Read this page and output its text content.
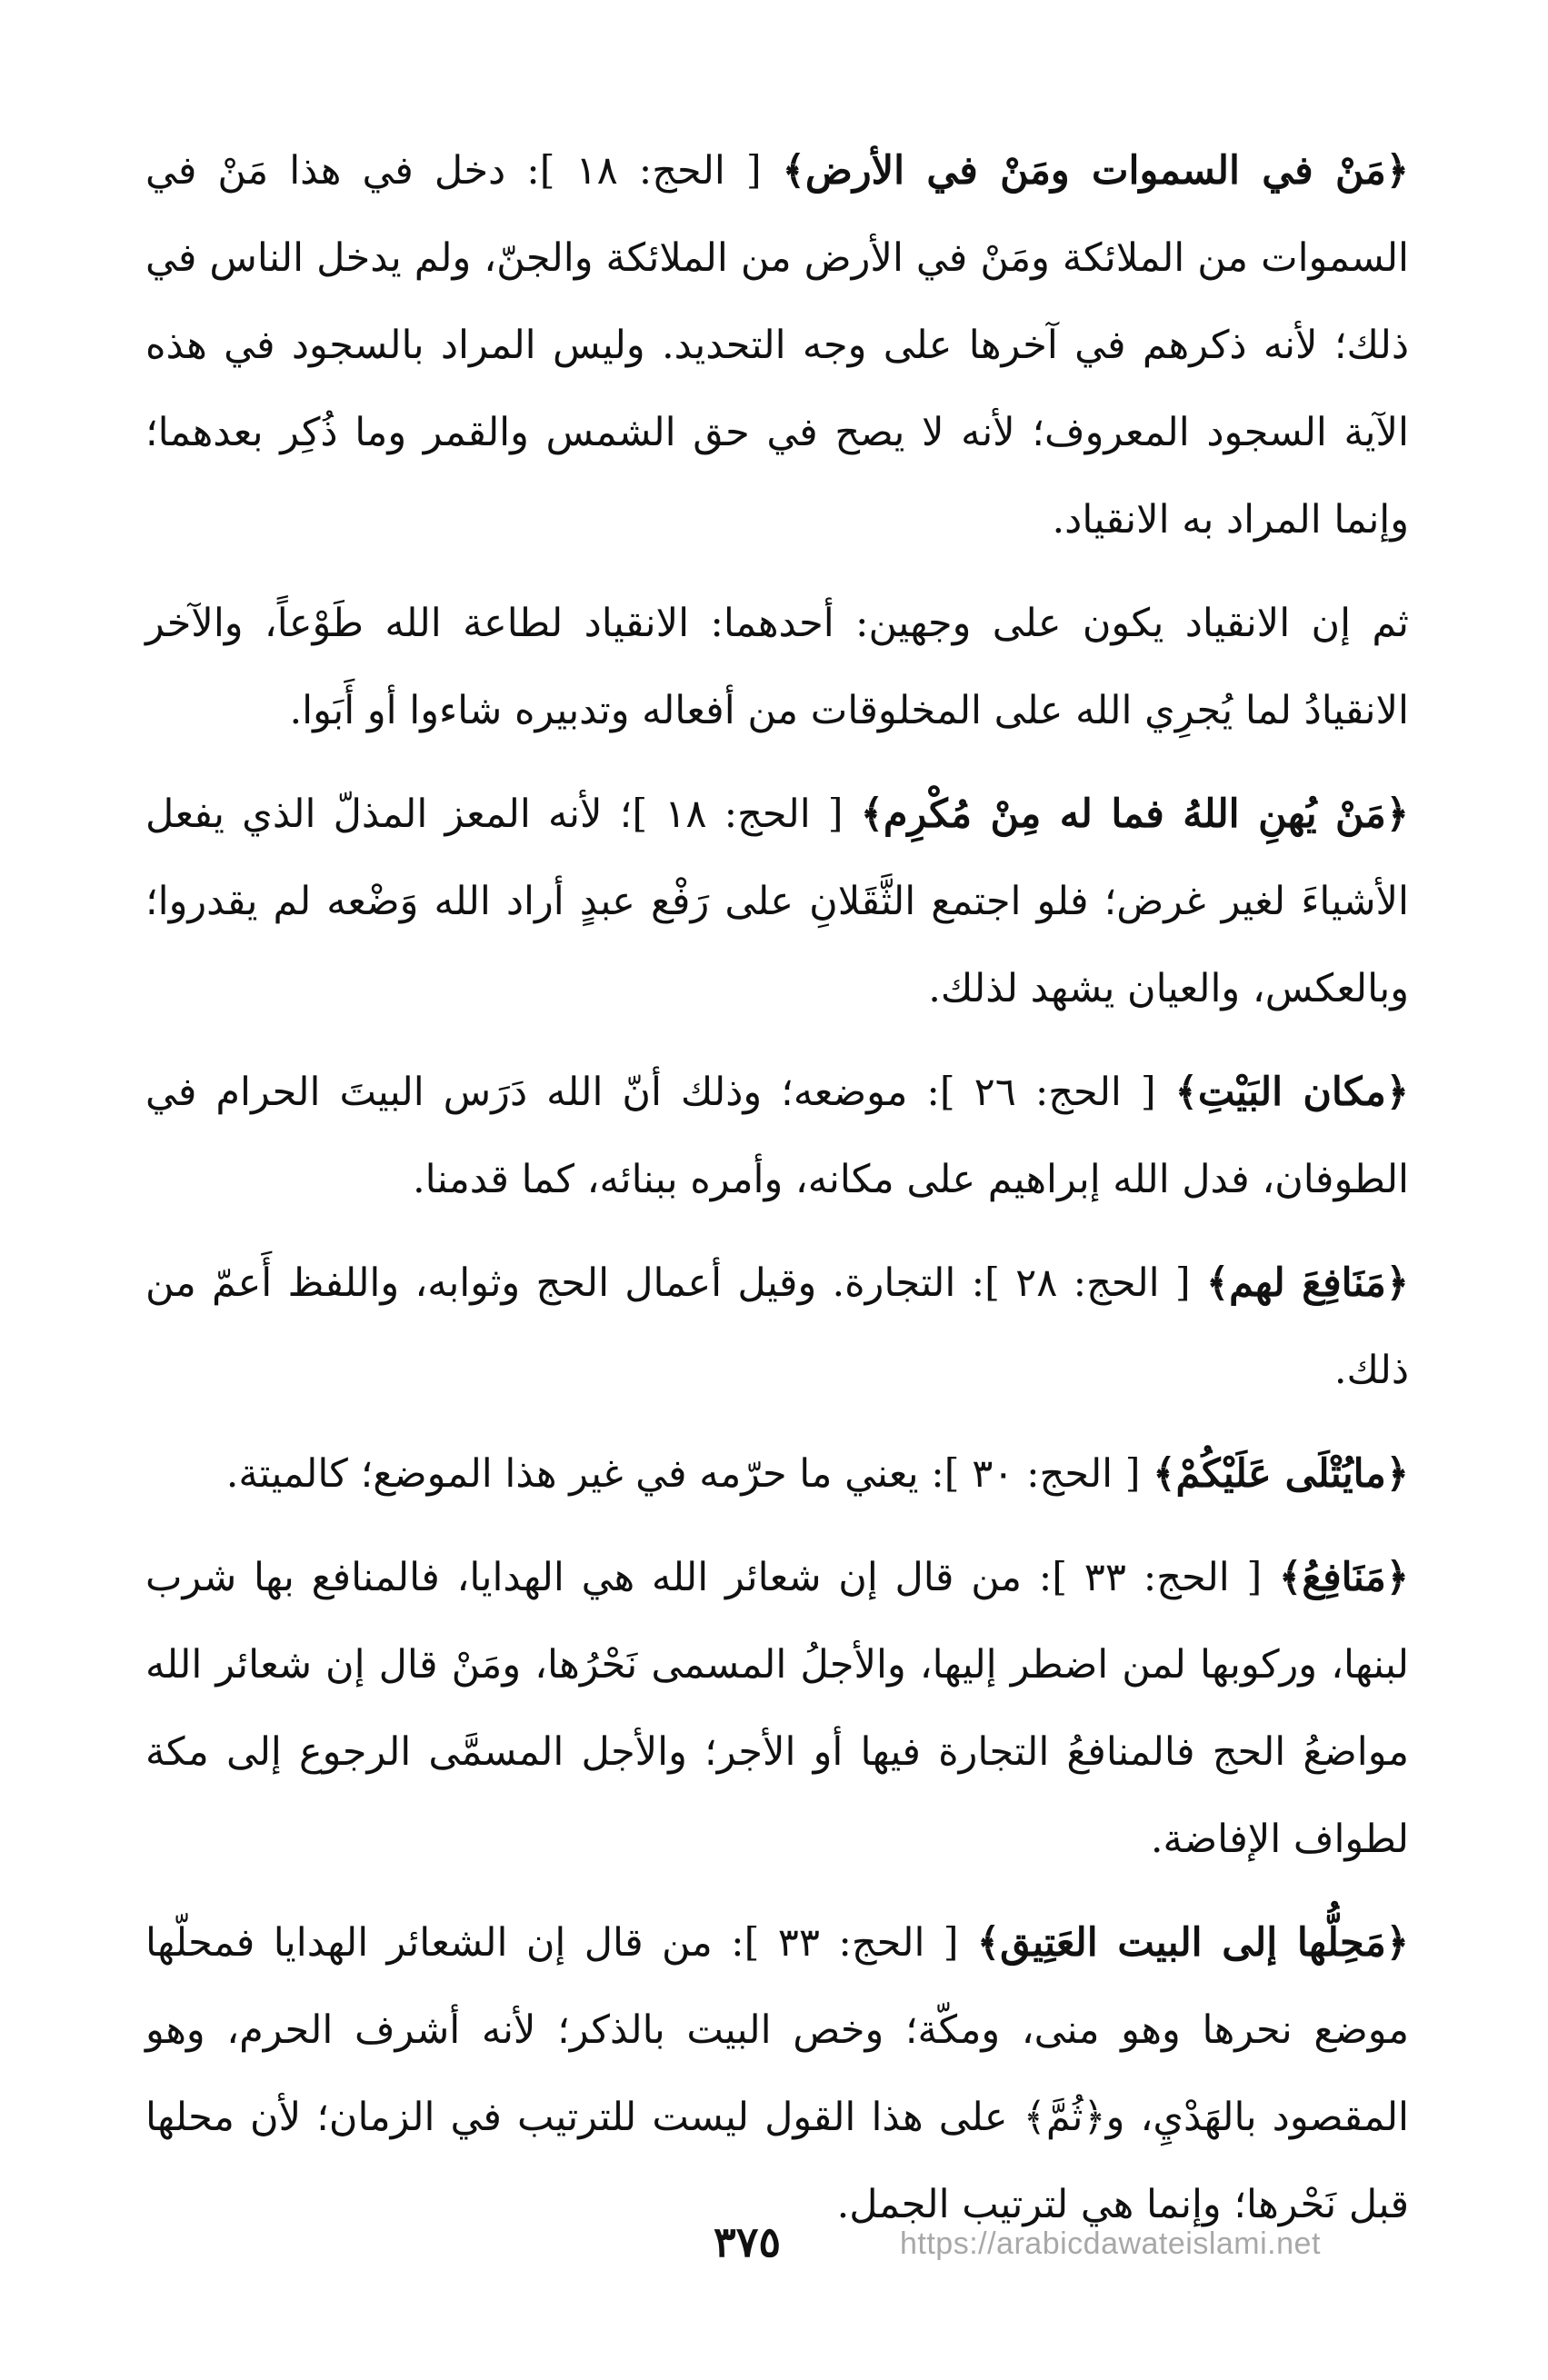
﴿مَنْ في السموات ومَنْ في الأرض﴾ [ الحج: ١٨ ]: دخل في هذا مَنْ في السموات من الملائكة ومَنْ في الأرض من الملائكة والجنّ، ولم يدخل الناس في ذلك؛ لأنه ذكرهم في آخرها على وجه التحديد. وليس المراد بالسجود في هذه الآية السجود المعروف؛ لأنه لا يصح في حق الشمس والقمر وما ذُكِر بعدهما؛ وإنما المراد به الانقياد.

ثم إن الانقياد يكون على وجهين: أحدهما: الانقياد لطاعة الله طَوْعاً، والآخر الانقيادُ لما يُجرِي الله على المخلوقات من أفعاله وتدبيره شاءوا أو أَبَوا.

﴿مَنْ يُهنِ اللهُ فما له مِنْ مُكْرِم﴾ [ الحج: ١٨ ]؛ لأنه المعز المذلّ الذي يفعل الأشياءَ لغير غرض؛ فلو اجتمع الثَّقَلانِ على رَفْع عبدٍ أراد الله وَضْعه لم يقدروا؛ وبالعكس، والعيان يشهد لذلك.

﴿مكان البَيْتِ﴾ [ الحج: ٢٦ ]: موضعه؛ وذلك أنّ الله دَرَس البيتَ الحرام في الطوفان، فدل الله إبراهيم على مكانه، وأمره ببنائه، كما قدمنا.

﴿مَنَافِعَ لهم﴾ [ الحج: ٢٨ ]: التجارة. وقيل أعمال الحج وثوابه، واللفظ أَعمّ من ذلك.

﴿مايُتْلَى عَلَيْكُمْ﴾ [ الحج: ٣٠ ]: يعني ما حرّمه في غير هذا الموضع؛ كالميتة.

﴿مَنَافِعُ﴾ [ الحج: ٣٣ ]: من قال إن شعائر الله هي الهدايا، فالمنافع بها شرب لبنها، وركوبها لمن اضطر إليها، والأجلُ المسمى نَحْرُها، ومَنْ قال إن شعائر الله مواضعُ الحج فالمنافعُ التجارة فيها أو الأجر؛ والأجل المسمَّى الرجوع إلى مكة لطواف الإفاضة.

﴿مَحِلُّها إلى البيت العَتِيق﴾ [ الحج: ٣٣ ]: من قال إن الشعائر الهدايا فمحلّها موضع نحرها وهو منى، ومكّة؛ وخص البيت بالذكر؛ لأنه أشرف الحرم، وهو المقصود بالهَدْيِ، و﴿ثُمَّ﴾ على هذا القول ليست للترتيب في الزمان؛ لأن محلها قبل نَحْرها؛ وإنما هي لترتيب الجمل.

٣٧٥	https://arabicdawateislami.net
